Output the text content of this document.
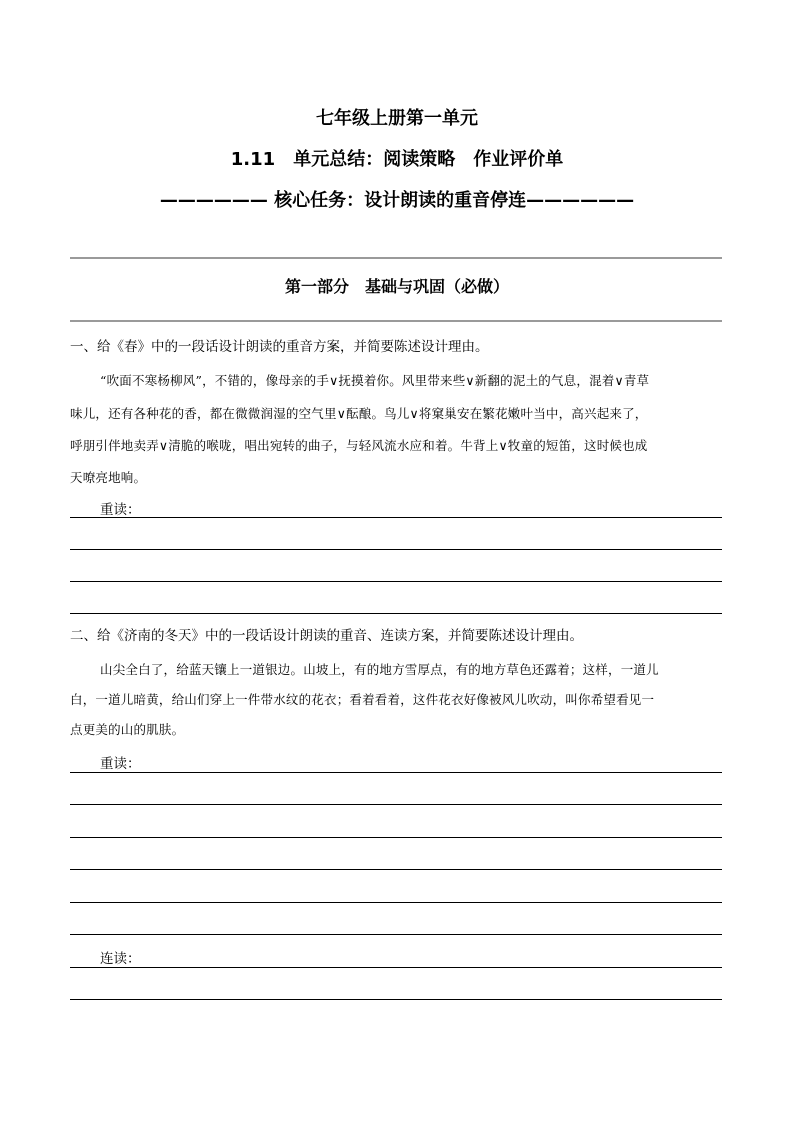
七年级上册第一单元
1.11　单元总结：阅读策略　作业评价单
—————— 核心任务：设计朗读的重音停连——————
第一部分　基础与巩固（必做）
一、给《春》中的一段话设计朗读的重音方案，并简要陈述设计理由。
“吹面不寒杨柳风”，不错的，像母亲的手∨抚摸着你。风里带来些∨新翻的泥土的气息，混着∨青草
味儿，还有各种花的香，都在微微润湿的空气里∨酝酿。鸟儿∨将窠巢安在繁花嫩叶当中，高兴起来了，
呼朋引伴地卖弄∨清脆的喉咙，唱出宛转的曲子，与轻风流水应和着。牛背上∨牧童的短笛，这时候也成
天嘹亮地响。
重读：
二、给《济南的冬天》中的一段话设计朗读的重音、连读方案，并简要陈述设计理由。
山尖全白了，给蓝天镶上一道银边。山坡上，有的地方雪厚点，有的地方草色还露着；这样，一道儿
白，一道儿暗黄，给山们穿上一件带水纹的花衣；看着看着，这件花衣好像被风儿吹动，叫你希望看见一
点更美的山的肌肤。
重读：
连读：
